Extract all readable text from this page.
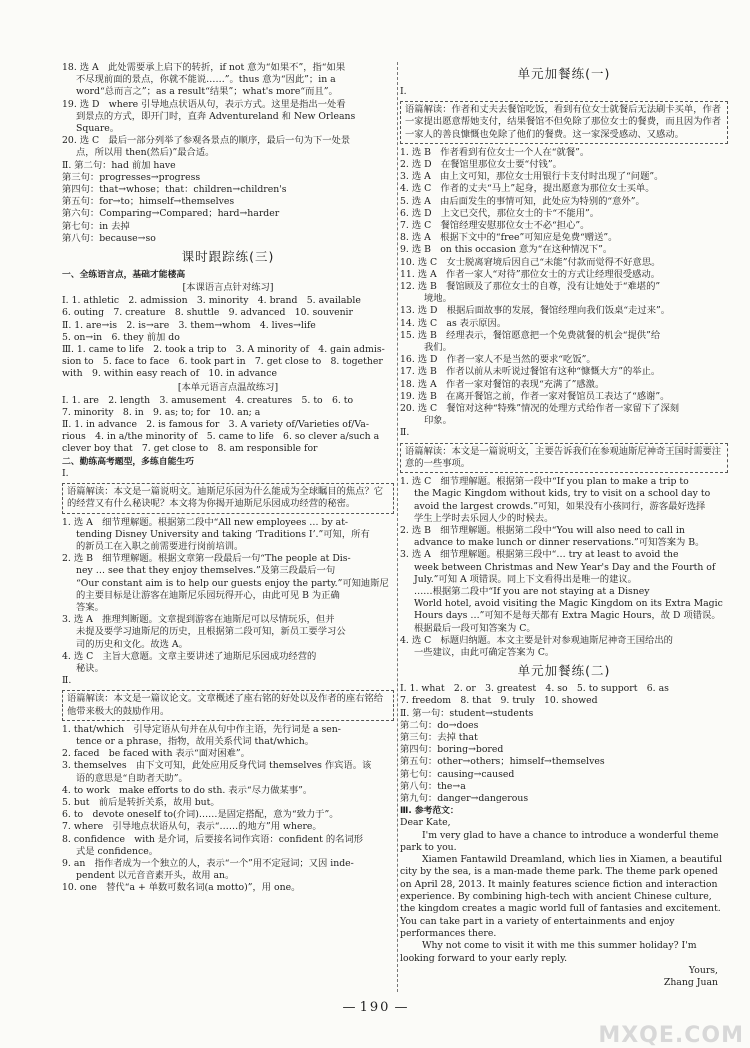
18. 选 A　此处需要承上启下的转折，if not 意为“如果不”，指“如果
不尽现前面的景点，你就不能说……”。thus 意为“因此”；in a
word“总而言之”；as a result“结果”；what's more“而且”。
19. 选 D　where 引导地点状语从句，表示方式。这里是指出一处看
到景点的方式，即开门时，直奔 Adventureland 和 New Orleans
Square。
20. 选 C　最后一部分列举了参观各景点的顺序，最后一句为下一处景
点，所以用 then(然后)”最合适。
Ⅱ. 第二句：had 前加 have
第三句：progresses→progress
第四句：that→whose；that：children→children's
第五句：for→to；himself→themselves
第六句：Comparing→Compared；hard→harder
第七句：in 去掉
第八句：because→so
课时跟踪练(三)
一、全练语言点，基础才能楼高
[本课语言点针对练习]
Ⅰ. 1. athletic　2. admission　3. minority　4. brand　5. available
6. outing　7. creature　8. shuttle　9. advanced　10. souvenir
Ⅱ. 1. are→is　2. is→are　3. them→whom　4. lives→life
5. on→in　6. they 前加 do
Ⅲ. 1. came to life　2. took a trip to　3. A minority of　4. gain admis-
sion to　5. face to face　6. took part in　7. get close to　8. together
with　9. within easy reach of　10. in advance
[本单元语言点温故练习]
Ⅰ. 1. are　2. length　3. amusement　4. creatures　5. to　6. to
7. minority　8. in　9. as; to; for　10. an; a
Ⅱ. 1. in advance　2. is famous for　3. A variety of/Varieties of/Va-
rious　4. in a/the minority of　5. came to life　6. so clever a/such a
clever boy that　7. get close to　8. am responsible for
二、勤练高考题型，多练自能生巧
Ⅰ.
语篇解读：本文是一篇说明文。迪斯尼乐园为什么能成为全球瞩目的焦点？它的经营又有什么秘诀呢？本文将为你揭开迪斯尼乐园成功经营的秘密。
1. 选 A　细节理解题。根据第二段中“All new employees … by at-
tending Disney University and taking ‘Traditions Ⅰ’.”可知，所有
的新员工在入职之前需要进行岗前培训。
2. 选 B　细节理解题。根据文章第一段最后一句“The people at Dis-
ney … see that they enjoy themselves.”及第三段最后一句
“Our constant aim is to help our guests enjoy the party.”可知迪斯尼
的主要目标是让游客在迪斯尼乐园玩得开心，由此可见 B 为正确
答案。
3. 选 A　推理判断题。文章提到游客在迪斯尼可以尽情玩乐，但并
未提及要学习迪斯尼的历史，且根据第二段可知，新员工要学习公
司的历史和文化。故选 A。
4. 选 C　主旨大意题。文章主要讲述了迪斯尼乐园成功经营的
秘诀。
Ⅱ.
语篇解读：本文是一篇议论文。文章概述了座右铭的好处以及作者的座右铭给他带来极大的鼓励作用。
1. that/which　引导定语从句并在从句中作主语，先行词是 a sen-
tence or a phrase，指物，故用关系代词 that/which。
2. faced　be faced with 表示“面对困难”。
3. themselves　由下文可知，此处应用反身代词 themselves 作宾语。该
语的意思是“自助者天助”。
4. to work　make efforts to do sth. 表示“尽力做某事”。
5. but　前后是转折关系，故用 but。
6. to　devote oneself to(介词)……是固定搭配，意为“致力于”。
7. where　引导地点状语从句，表示“……的地方”用 where。
8. confidence　with 是介词，后要接名词作宾语：confident 的名词形
式是 confidence。
9. an　指作者成为一个独立的人，表示“一个”用不定冠词；又因 inde-
pendent 以元音音素开头，故用 an。
10. one　替代“a + 单数可数名词(a motto)”，用 one。
单元加餐练(一)
Ⅰ.
语篇解读：作者和丈夫去餐馆吃饭，看到有位女士就餐后无法刷卡买单，作者一家提出愿意帮她支付，结果餐馆不但免除了那位女士的餐费，而且因为作者一家人的善良慷慨也免除了他们的餐费。这一家深受感动、又感动。
1. 选 B　作者看到有位女士一个人在“就餐”。
2. 选 D　在餐馆里那位女士要“付钱”。
3. 选 A　由上文可知，那位女士用银行卡支付时出现了“问题”。
4. 选 C　作者的丈夫“马上”起身，提出愿意为那位女士买单。
5. 选 A　由后面发生的事情可知，此处应为特别的“意外”。
6. 选 D　上文已交代，那位女士的卡“不能用”。
7. 选 C　餐馆经理安慰那位女士不必“担心”。
8. 选 A　根据下文中的“free”可知应是免费“赠送”。
9. 选 B　on this occasion 意为“在这种情况下”。
10. 选 C　女士脱离窘境后因自己“未能”付款而觉得不好意思。
11. 选 A　作者一家人“对待”那位女士的方式让经理很受感动。
12. 选 B　餐馆顾及了那位女士的自尊，没有让她处于“难堪的”
境地。
13. 选 D　根据后面故事的发展，餐馆经理向我们饭桌“走过来”。
14. 选 C　as 表示原因。
15. 选 B　经理表示，餐馆愿意把一个免费就餐的机会“提供”给
我们。
16. 选 D　作者一家人不是当然的要求“吃饭”。
17. 选 B　作者以前从未听说过餐馆有这种“慷慨大方”的举止。
18. 选 A　作者一家对餐馆的表现“充满了”感激。
19. 选 B　在离开餐馆之前，作者一家对餐馆员工表达了“感谢”。
20. 选 C　餐馆对这种“特殊”情况的处理方式给作者一家留下了深刻
印象。
Ⅱ.
语篇解读：本文是一篇说明文，主要告诉我们在参观迪斯尼神奇王国时需要注意的一些事项。
1. 选 C　细节理解题。根据第一段中“If you plan to make a trip to
the Magic Kingdom without kids, try to visit on a school day to
avoid the largest crowds.”可知，如果没有小孩同行，游客最好选择
学生上学时去乐园人少的时候去。
2. 选 B　细节理解题。根据第二段中“You will also need to call in
advance to make lunch or dinner reservations.”可知答案为 B。
3. 选 A　细节理解题。根据第三段中“… try at least to avoid the
week between Christmas and New Year's Day and the Fourth of
July.”可知 A 项错误。同上下文看得出是唯一的建议。
……根据第二段中“If you are not staying at a Disney
World hotel, avoid visiting the Magic Kingdom on its Extra Magic
Hours days …”可知不是每天都有 Extra Magic Hours，故 D 项错误。
根据最后一段可知答案为 C。
4. 选 C　标题归纳题。本文主要是针对参观迪斯尼神奇王国给出的
一些建议，由此可确定答案为 C。
单元加餐练(二)
Ⅰ. 1. what　2. or　3. greatest　4. so　5. to support　6. as
7. freedom　8. that　9. truly　10. showed
Ⅱ. 第一句：student→students
第二句：do→does
第三句：去掉 that
第四句：boring→bored
第五句：other→others；himself→themselves
第七句：causing→caused
第八句：the→a
第九句：danger→dangerous
Ⅲ. 参考范文：
Dear Kate,

I'm very glad to have a chance to introduce a wonderful theme park to you.

Xiamen Fantawild Dreamland, which lies in Xiamen, a beautiful city by the sea, is a man-made theme park. The theme park opened on April 28, 2013. It mainly features science fiction and interaction experience. By combining high-tech with ancient Chinese culture, the kingdom creates a magic world full of fantasies and excitement. You can take part in a variety of entertainments and enjoy performances there.

Why not come to visit it with me this summer holiday? I'm looking forward to your early reply.

Yours,
Zhang Juan
— 190 —
MXQE.COM
